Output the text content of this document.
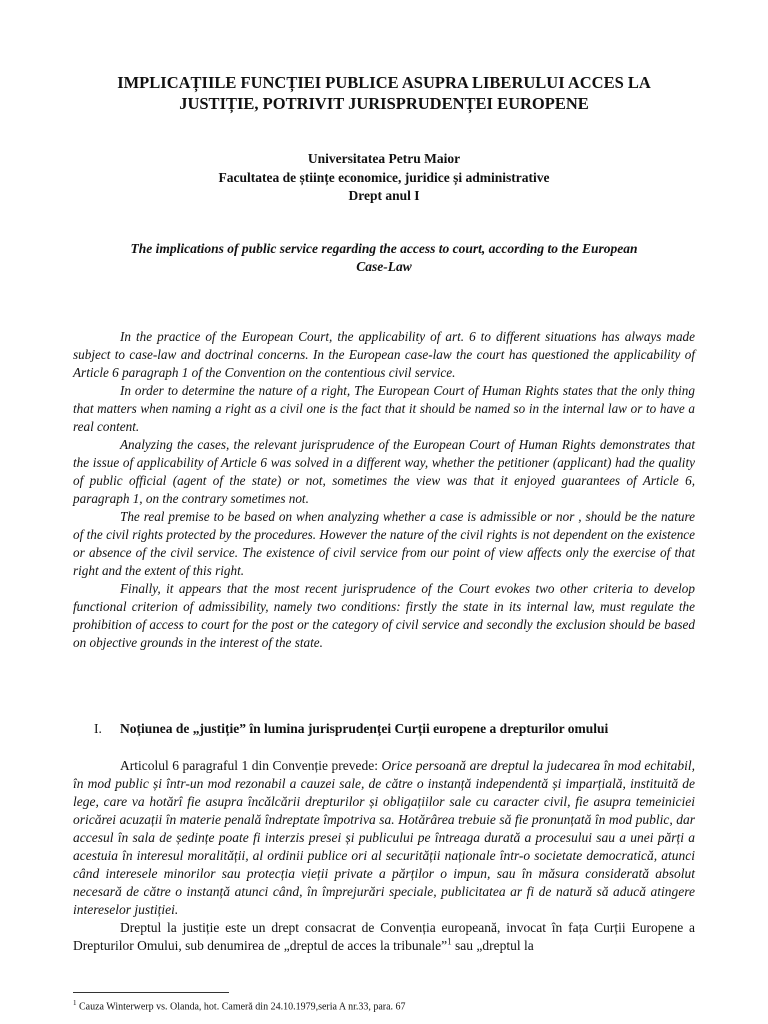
IMPLICAȚIILE FUNCȚIEI PUBLICE ASUPRA LIBERULUI ACCES LA
JUSTIȚIE, POTRIVIT JURISPRUDENȚEI EUROPENE
Universitatea Petru Maior
Facultatea de științe economice, juridice și administrative
Drept anul I
The implications of public service regarding the access to court, according to the European
Case-Law

In the practice of the European Court, the applicability of art. 6 to different situations has always made subject to case-law and doctrinal concerns. In the European case-law the court has questioned the applicability of Article 6 paragraph 1 of the Convention on the contentious civil service.

In order to determine the nature of a right, The European Court of Human Rights states that the only thing that matters when naming a right as a civil one is the fact that it should be named so in the internal law or to have a real content.

Analyzing the cases, the relevant jurisprudence of the European Court of Human Rights demonstrates that the issue of applicability of Article 6 was solved in a different way, whether the petitioner (applicant) had the quality of public official (agent of the state) or not, sometimes the view was that it enjoyed guarantees of Article 6, paragraph 1, on the contrary sometimes not.

The real premise to be based on when analyzing whether a case is admissible or nor , should be the nature of the civil rights protected by the procedures. However the nature of the civil rights is not dependent on the existence or absence of the civil service. The existence of civil service from our point of view affects only the exercise of that right and the extent of this right.

Finally, it appears that the most recent jurisprudence of the Court evokes two other criteria to develop functional criterion of admissibility, namely two conditions: firstly the state in its internal law, must regulate the prohibition of access to court for the post or the category of civil service and secondly the exclusion should be based on objective grounds in the interest of the state.

I. Noțiunea de „justiție” în lumina jurisprudenței Curții europene a drepturilor omului

Articolul 6 paragraful 1 din Convenție prevede: Orice persoană are dreptul la judecarea în mod echitabil, în mod public și într-un mod rezonabil a cauzei sale, de către o instanță independentă și imparțială, instituită de lege, care va hotărî fie asupra încălcării drepturilor și obligațiilor sale cu caracter civil, fie asupra temeiniciei oricărei acuzații în materie penală îndreptate împotriva sa. Hotărârea trebuie să fie pronunțată în mod public, dar accesul în sala de ședințe poate fi interzis presei și publicului pe întreaga durată a procesului sau a unei părți a acestuia în interesul moralității, al ordinii publice ori al securității naționale într-o societate democratică, atunci când interesele minorilor sau protecția vieții private a părților o impun, sau în măsura considerată absolut necesară de către o instanță atunci când, în împrejurări speciale, publicitatea ar fi de natură să aducă atingere intereselor justiției.

Dreptul la justiție este un drept consacrat de Convenția europeană, invocat în fața Curții Europene a Drepturilor Omului, sub denumirea de „dreptul de acces la tribunale”$^1$ sau „dreptul la

$^1$ Cauza Winterwerp vs. Olanda, hot. Cameră din 24.10.1979,seria A nr.33, para. 67
